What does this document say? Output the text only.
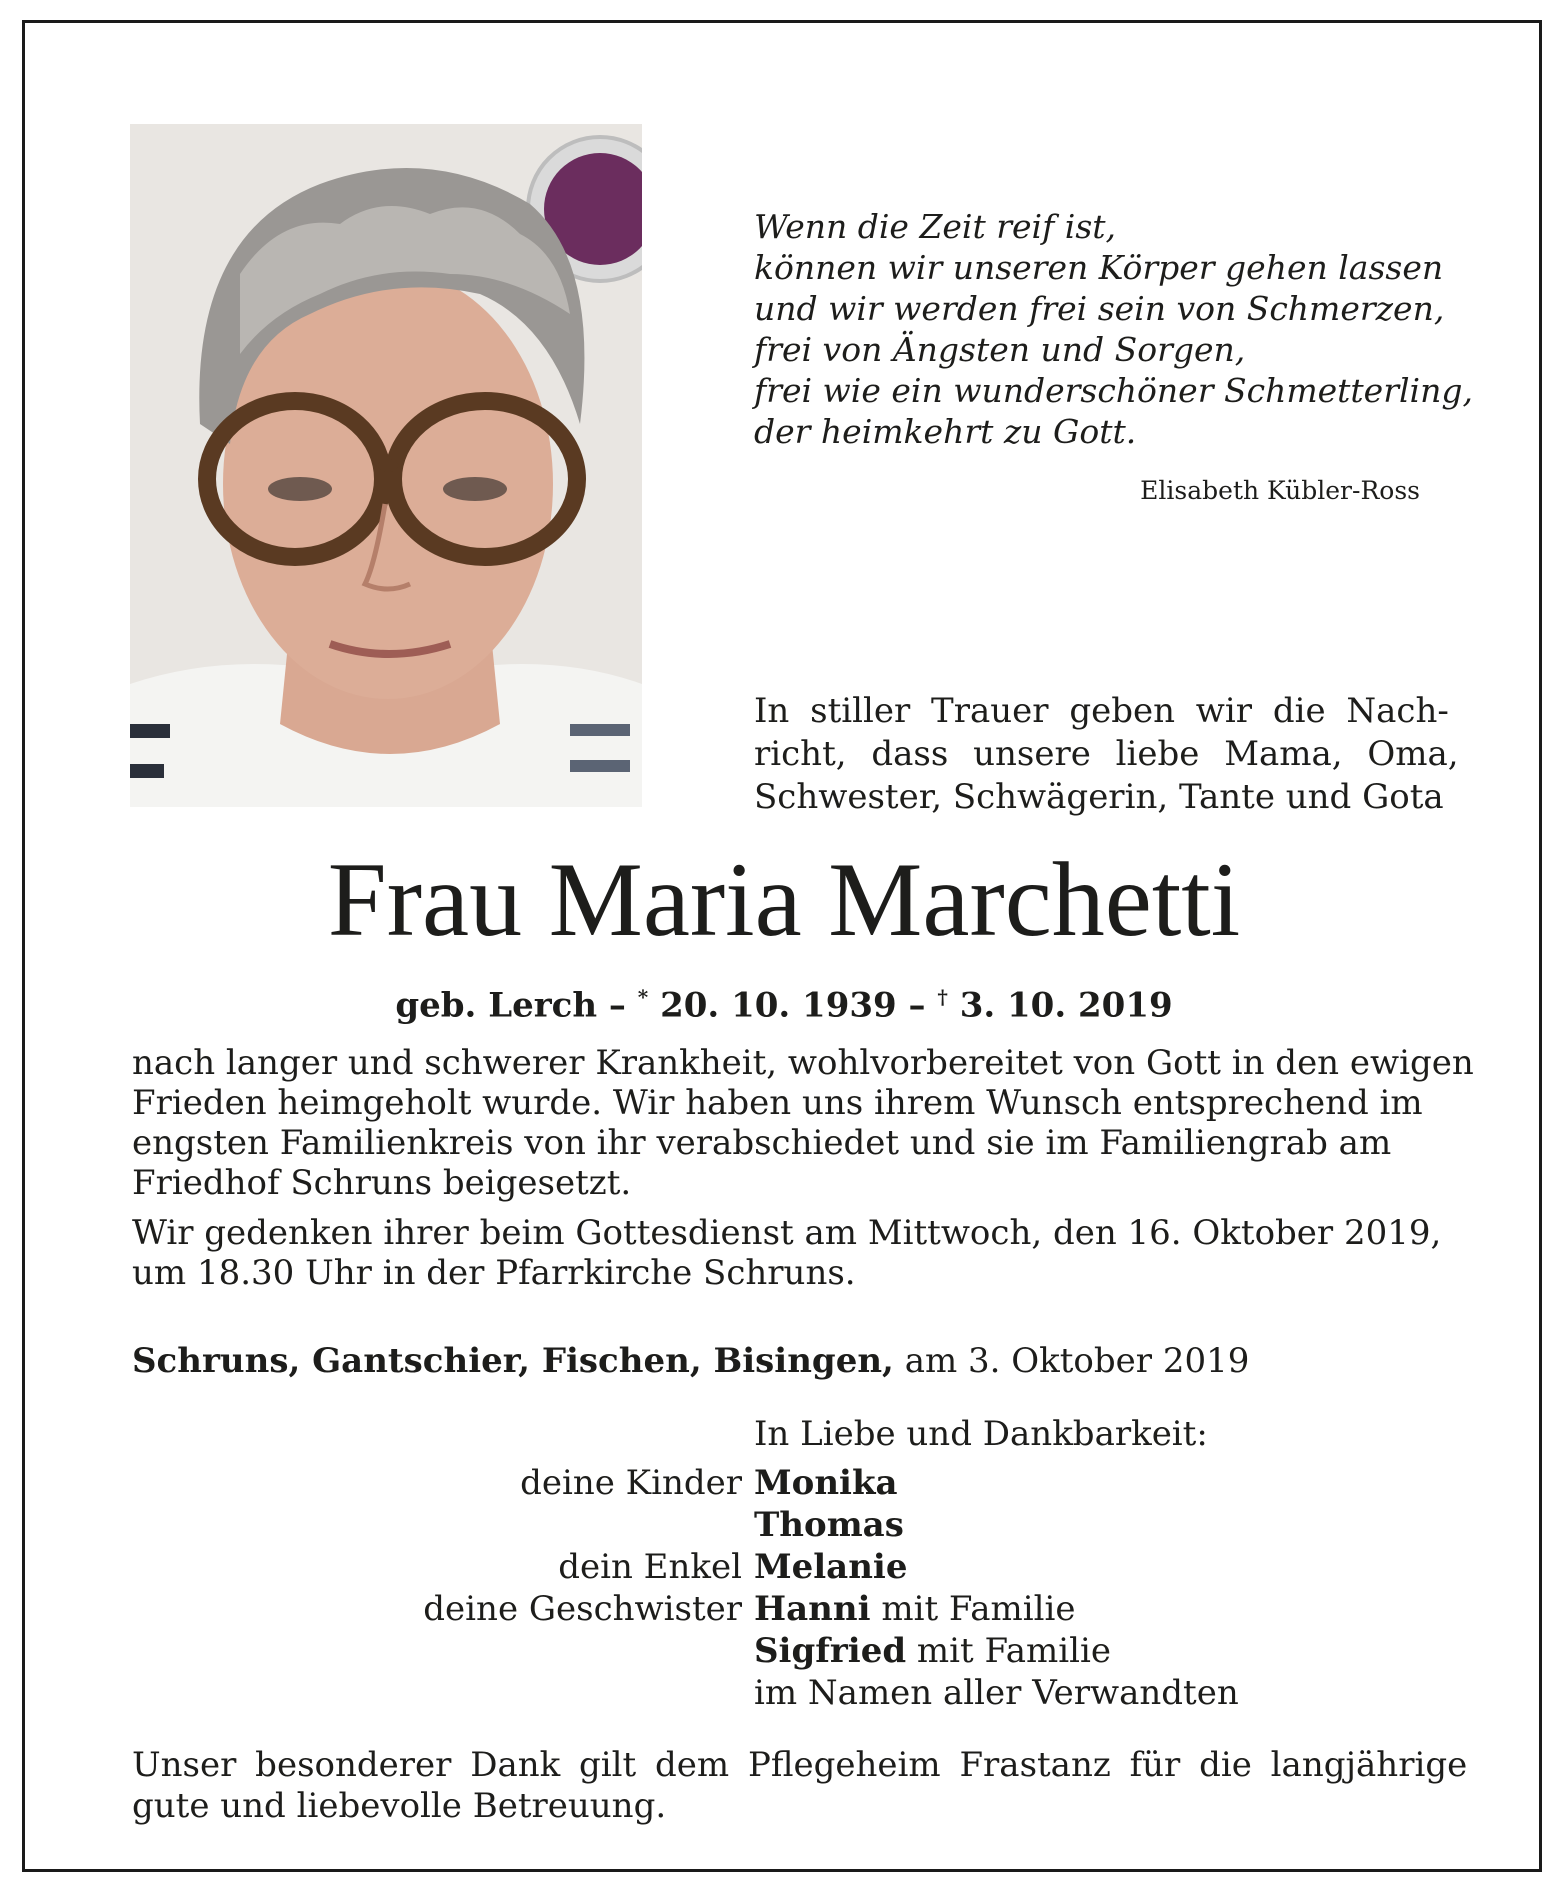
Wenn die Zeit reif ist,
können wir unseren Körper gehen lassen
und wir werden frei sein von Schmerzen,
frei von Ängsten und Sorgen,
frei wie ein wunderschöner Schmetterling,
der heimkehrt zu Gott.
Elisabeth Kübler-Ross
In stiller Trauer geben wir die Nach-
richt, dass unsere liebe Mama, Oma,
Schwester, Schwägerin, Tante und Gota
Frau Maria Marchetti
geb. Lerch – * 20. 10. 1939 – † 3. 10. 2019
nach langer und schwerer Krankheit, wohlvorbereitet von Gott in den ewigen
Frieden heimgeholt wurde. Wir haben uns ihrem Wunsch entsprechend im
engsten Familienkreis von ihr verabschiedet und sie im Familiengrab am
Friedhof Schruns beigesetzt.
Wir gedenken ihrer beim Gottesdienst am Mittwoch, den 16. Oktober 2019,
um 18.30 Uhr in der Pfarrkirche Schruns.
Schruns, Gantschier, Fischen, Bisingen, am 3. Oktober 2019
In Liebe und Dankbarkeit:
deine Kinder Monika
Thomas
dein Enkel Melanie
deine Geschwister Hanni mit Familie
Sigfried mit Familie
im Namen aller Verwandten
Unser besonderer Dank gilt dem Pflegeheim Frastanz für die langjährige
gute und liebevolle Betreuung.
